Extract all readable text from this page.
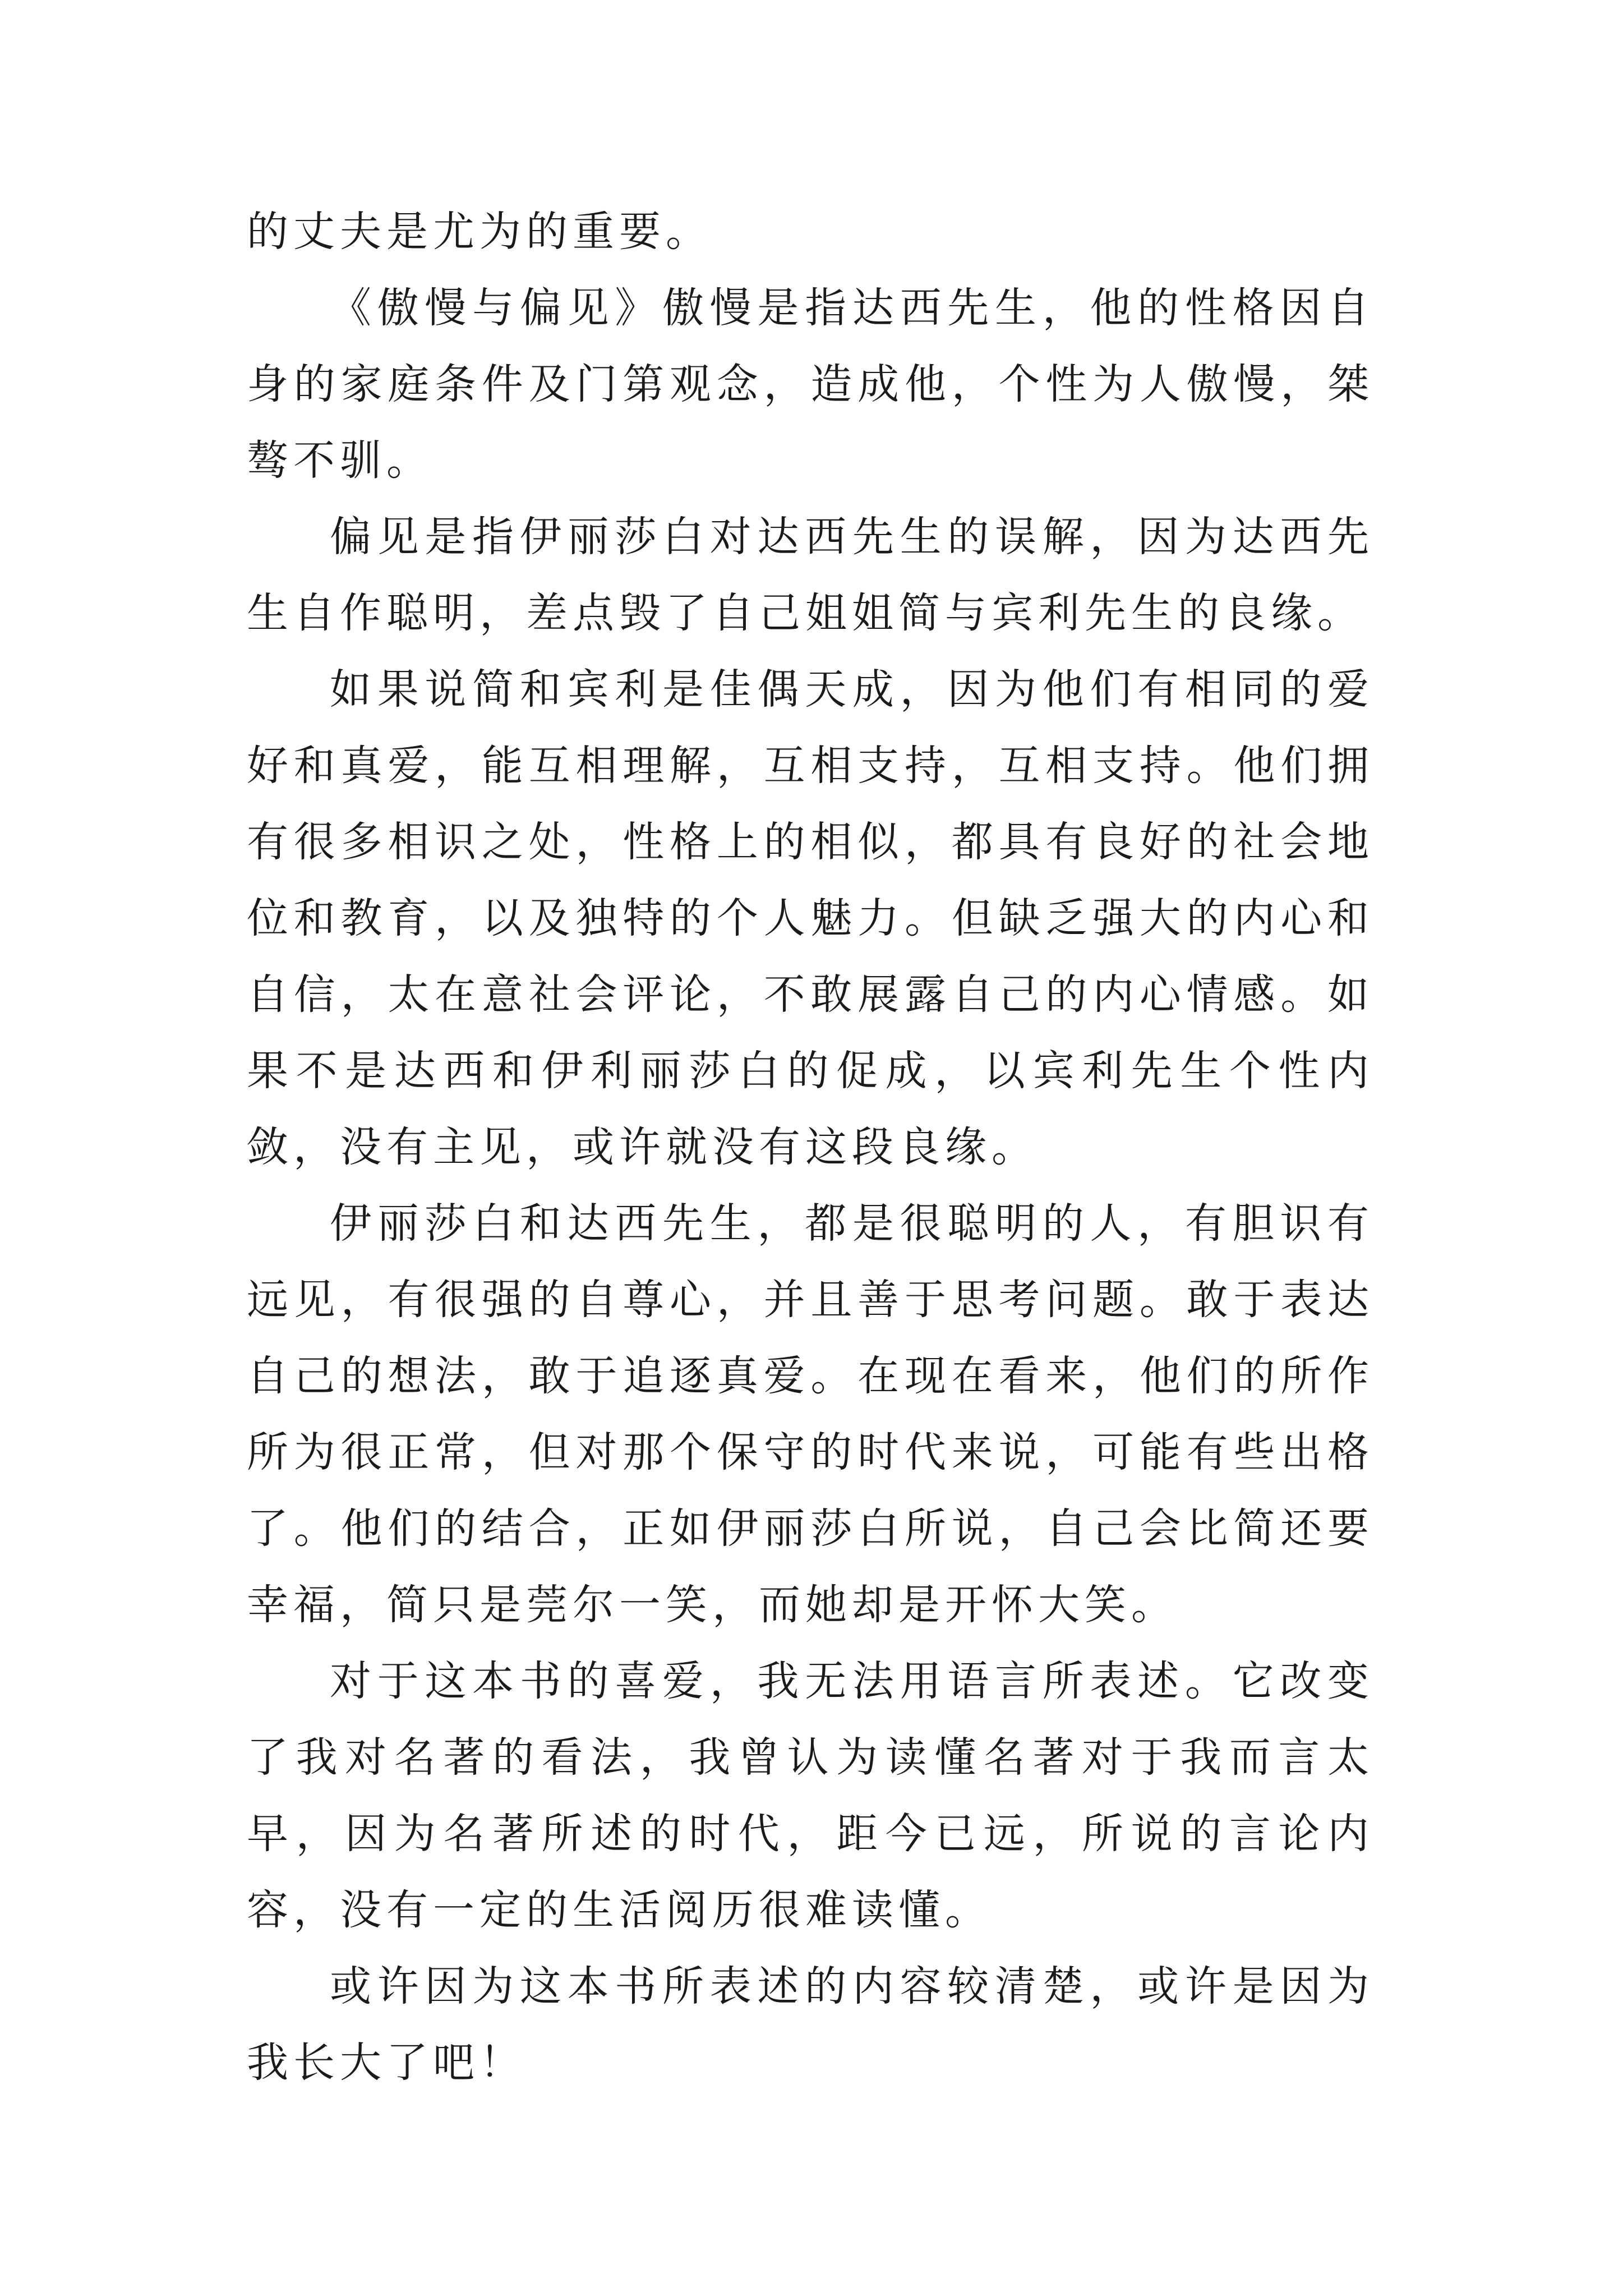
的丈夫是尤为的重要。

《傲慢与偏见》傲慢是指达西先生，他的性格因自身的家庭条件及门第观念，造成他，个性为人傲慢，桀骜不驯。

偏见是指伊丽莎白对达西先生的误解，因为达西先生自作聪明，差点毁了自己姐姐简与宾利先生的良缘。

如果说简和宾利是佳偶天成，因为他们有相同的爱好和真爱，能互相理解，互相支持，互相支持。他们拥有很多相识之处，性格上的相似，都具有良好的社会地位和教育，以及独特的个人魅力。但缺乏强大的内心和自信，太在意社会评论，不敢展露自己的内心情感。如果不是达西和伊利丽莎白的促成，以宾利先生个性内敛，没有主见，或许就没有这段良缘。

伊丽莎白和达西先生，都是很聪明的人，有胆识有远见，有很强的自尊心，并且善于思考问题。敢于表达自己的想法，敢于追逐真爱。在现在看来，他们的所作所为很正常，但对那个保守的时代来说，可能有些出格了。他们的结合，正如伊丽莎白所说，自己会比简还要幸福，简只是莞尔一笑，而她却是开怀大笑。

对于这本书的喜爱，我无法用语言所表述。它改变了我对名著的看法，我曾认为读懂名著对于我而言太早，因为名著所述的时代，距今已远，所说的言论内容，没有一定的生活阅历很难读懂。

或许因为这本书所表述的内容较清楚，或许是因为我长大了吧！
